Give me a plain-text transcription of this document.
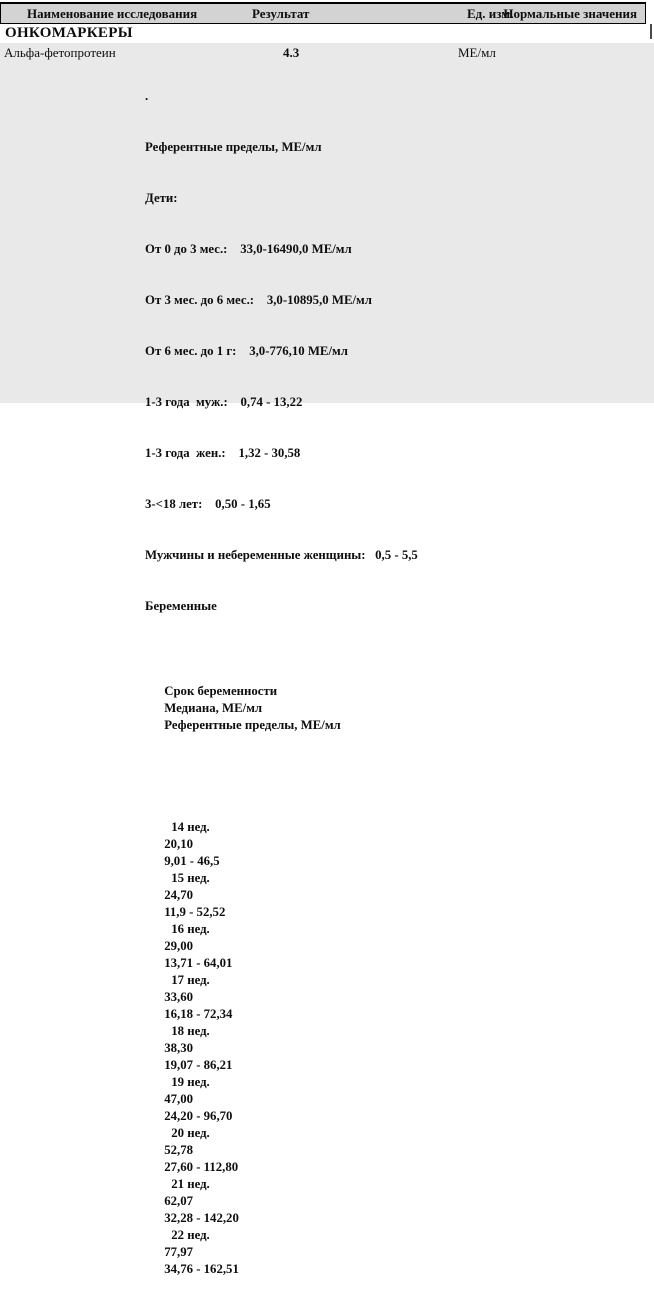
Наименование исследования	Результат	Ед. изм.
Нормальные значения
ОНКОМАРКЕРЫ
Альфа-фетопротеин	4.3	МЕ/мл

.

Референтные пределы, МЕ/мл

Дети:

От 0 до 3 мес.:    33,0-16490,0 МЕ/мл

От 3 мес. до 6 мес.:    3,0-10895,0 МЕ/мл

От 6 мес. до 1 г:    3,0-776,10 МЕ/мл

1-3 года  муж.:    0,74 - 13,22

1-3 года  жен.:    1,32 - 30,58

3-<18 лет:    0,50 - 1,65

Мужчины и небеременные женщины:   0,5 - 5,5

Беременные

Срок беременности
Медиана, МЕ/мл
Референтные пределы, МЕ/мл

14 нед.
20,10
9,01 - 46,5

15 нед.
24,70
11,9 - 52,52

16 нед.
29,00
13,71 - 64,01

17 нед.
33,60
16,18 - 72,34

18 нед.
38,30
19,07 - 86,21

19 нед.
47,00
24,20 - 96,70

20 нед.
52,78
27,60 - 112,80

21 нед.
62,07
32,28 - 142,20

22 нед.
77,97
34,76 - 162,51
